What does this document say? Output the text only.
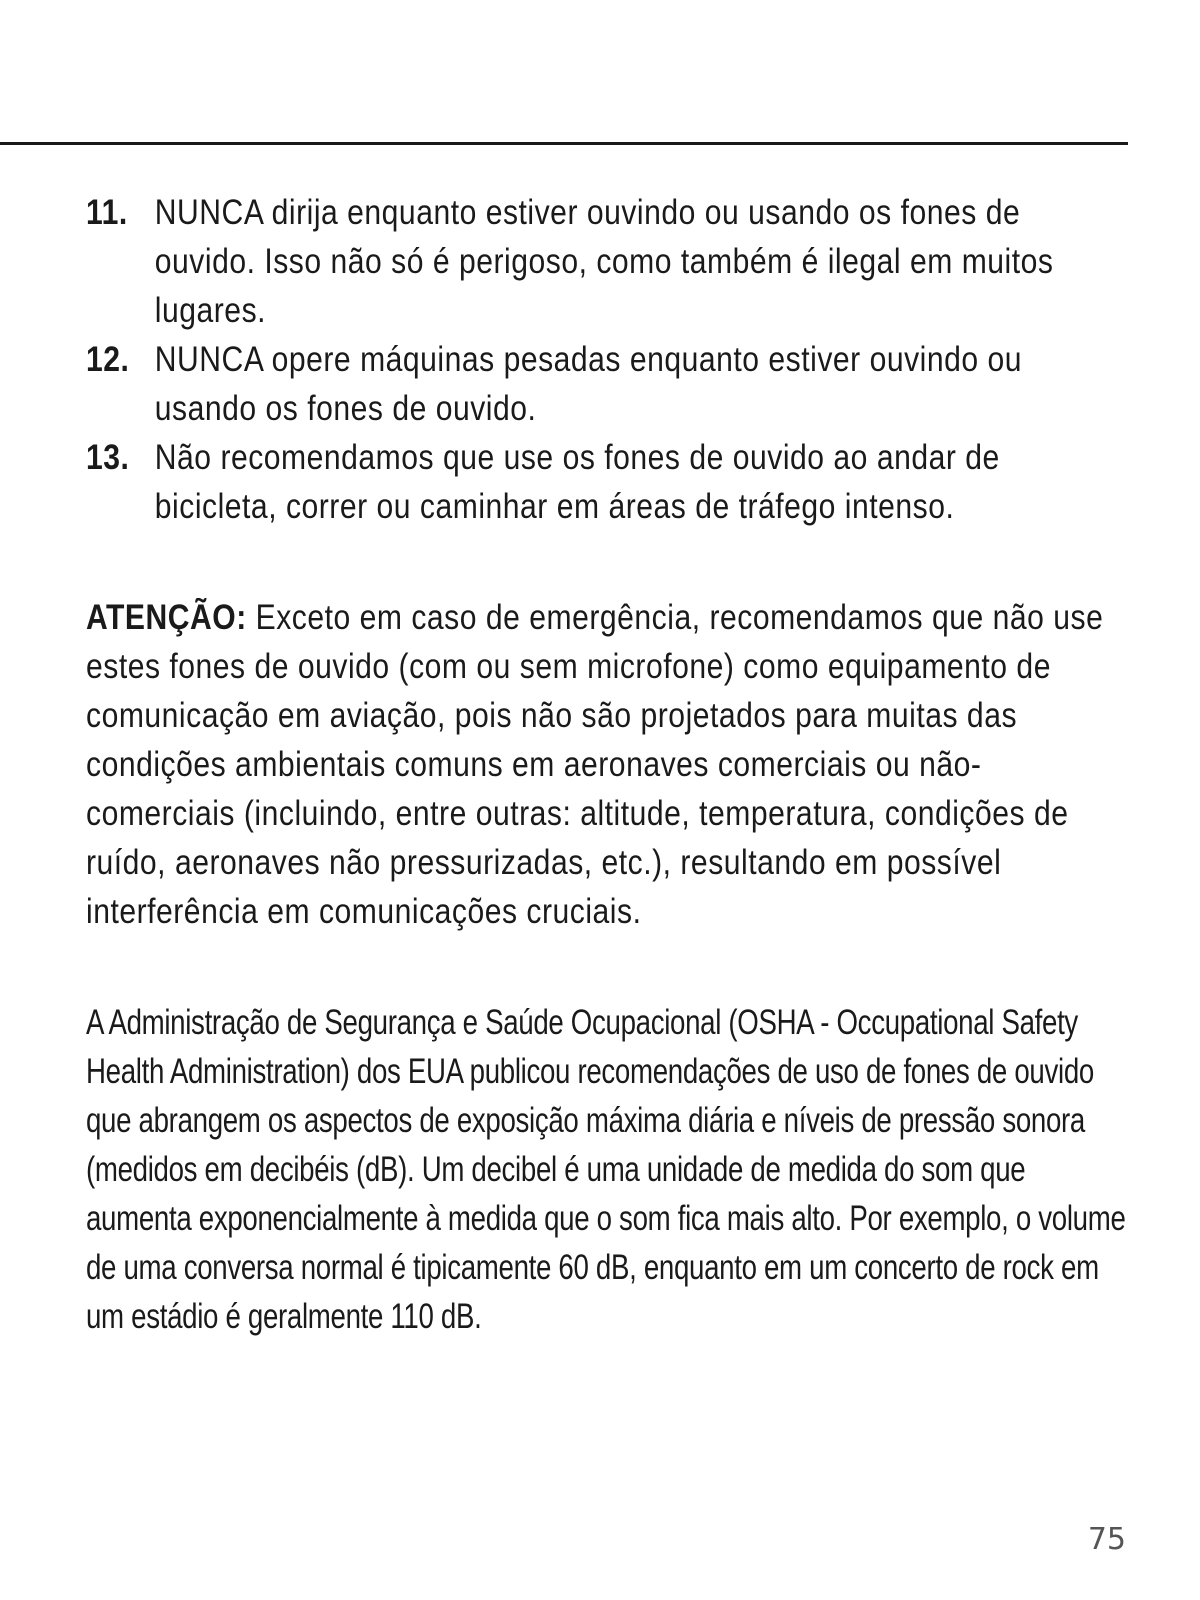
11. NUNCA dirija enquanto estiver ouvindo ou usando os fones de ouvido. Isso não só é perigoso, como também é ilegal em muitos lugares.
12. NUNCA opere máquinas pesadas enquanto estiver ouvindo ou usando os fones de ouvido.
13. Não recomendamos que use os fones de ouvido ao andar de bicicleta, correr ou caminhar em áreas de tráfego intenso.

ATENÇÃO: Exceto em caso de emergência, recomendamos que não use estes fones de ouvido (com ou sem microfone) como equipamento de comunicação em aviação, pois não são projetados para muitas das condições ambientais comuns em aeronaves comerciais ou não-comerciais (incluindo, entre outras: altitude, temperatura, condições de ruído, aeronaves não pressurizadas, etc.), resultando em possível interferência em comunicações cruciais.

A Administração de Segurança e Saúde Ocupacional (OSHA - Occupational Safety Health Administration) dos EUA publicou recomendações de uso de fones de ouvido que abrangem os aspectos de exposição máxima diária e níveis de pressão sonora (medidos em decibéis (dB). Um decibel é uma unidade de medida do som que aumenta exponencialmente à medida que o som fica mais alto. Por exemplo, o volume de uma conversa normal é tipicamente 60 dB, enquanto em um concerto de rock em um estádio é geralmente 110 dB.

75
